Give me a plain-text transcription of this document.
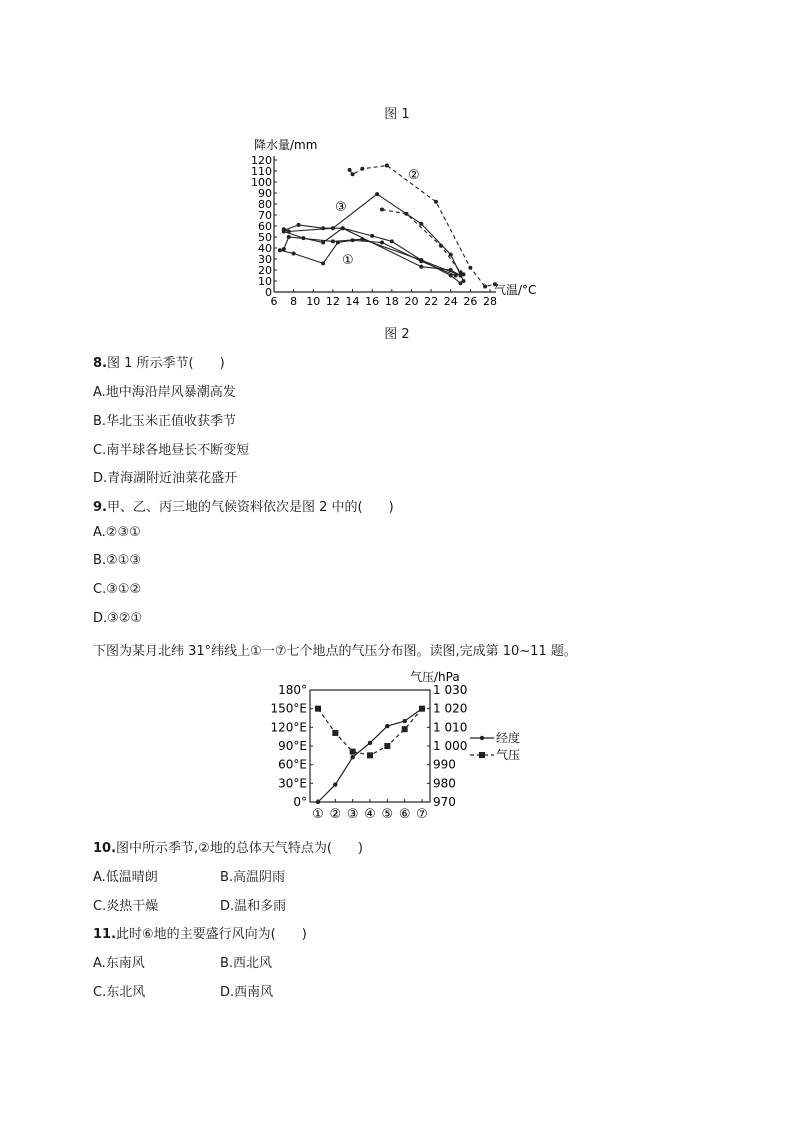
图 1
0
10
20
30
40
50
60
70
80
90
100
110
120
6 8 10 12 14 16 18 20 22 24 26 28
降水量/mm
气温/°C
①
②
③
图 2
8.图 1 所示季节(　　)
A.地中海沿岸风暴潮高发
B.华北玉米正值收获季节
C.南半球各地昼长不断变短
D.青海湖附近油菜花盛开
9.甲、乙、丙三地的气候资料依次是图 2 中的(　　)
A.②③①
B.②①③
C.③①②
D.③②①
下图为某月北纬 31°纬线上①一⑦七个地点的气压分布图。读图,完成第 10~11 题。
0°
30°E
60°E
90°E
120°E
150°E
180°
970
980
990
1 000
1 010
1 020
1 030
① ② ③ ④ ⑤ ⑥ ⑦
气压/hPa
经度
气压
10.图中所示季节,②地的总体天气特点为(　　)
A.低温晴朗	B.高温阴雨
C.炎热干燥	D.温和多雨
11.此时⑥地的主要盛行风向为(　　)
A.东南风	B.西北风
C.东北风	D.西南风
